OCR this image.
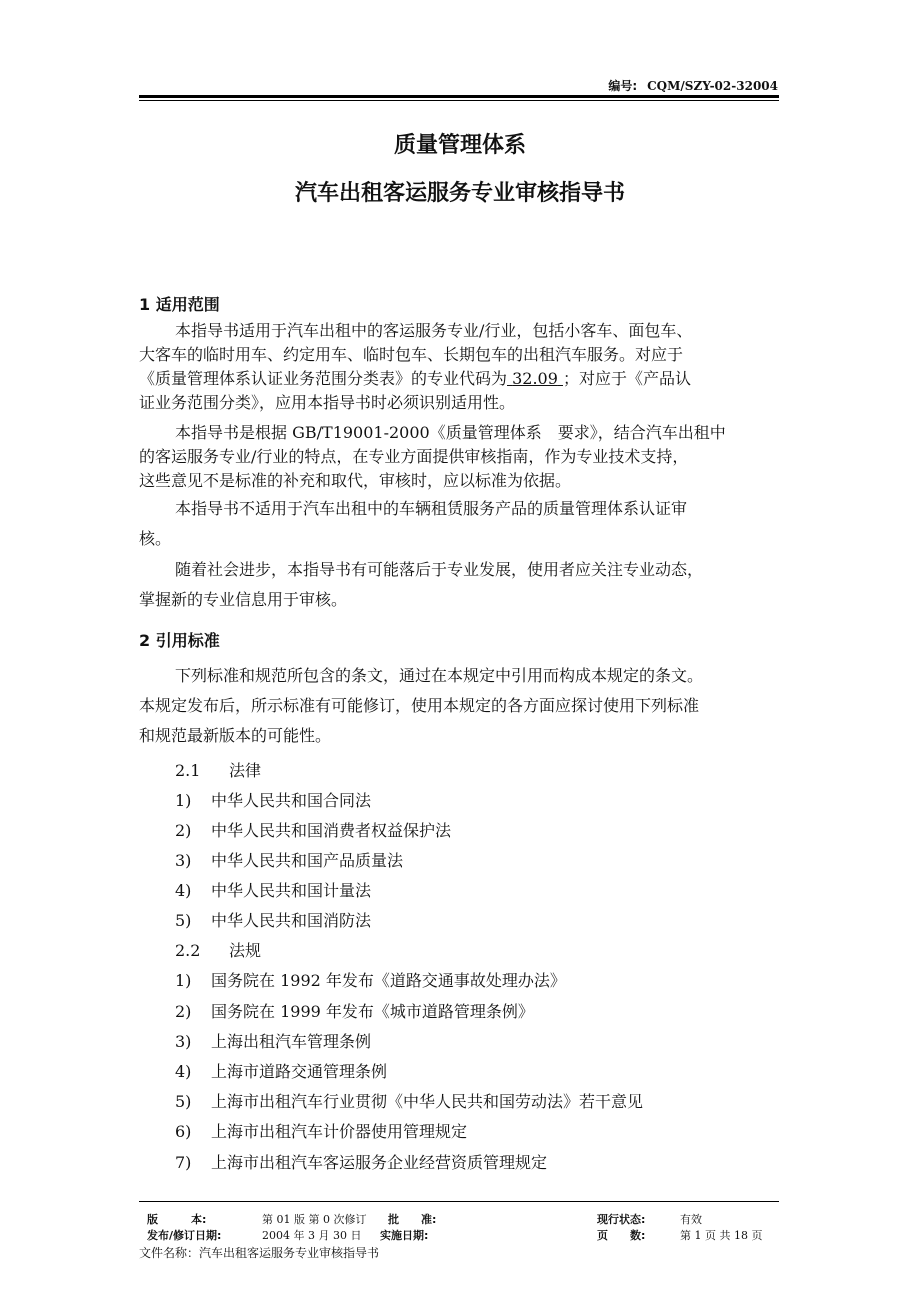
编号: CQM/SZY-02-32004
质量管理体系
汽车出租客运服务专业审核指导书
1 适用范围
本指导书适用于汽车出租中的客运服务专业/行业，包括小客车、面包车、
大客车的临时用车、约定用车、临时包车、长期包车的出租汽车服务。对应于
《质量管理体系认证业务范围分类表》的专业代码为 32.09 ；对应于《产品认
证业务范围分类》，应用本指导书时必须识别适用性。
本指导书是根据 GB/T19001-2000《质量管理体系　要求》，结合汽车出租中
的客运服务专业/行业的特点，在专业方面提供审核指南，作为专业技术支持，
这些意见不是标准的补充和取代，审核时，应以标准为依据。
本指导书不适用于汽车出租中的车辆租赁服务产品的质量管理体系认证审
核。
随着社会进步，本指导书有可能落后于专业发展，使用者应关注专业动态，
掌握新的专业信息用于审核。
2 引用标准
下列标准和规范所包含的条文，通过在本规定中引用而构成本规定的条文。
本规定发布后，所示标准有可能修订，使用本规定的各方面应探讨使用下列标准
和规范最新版本的可能性。
2.1 法律
1) 中华人民共和国合同法
2) 中华人民共和国消费者权益保护法
3) 中华人民共和国产品质量法
4) 中华人民共和国计量法
5) 中华人民共和国消防法
2.2 法规
1) 国务院在 1992 年发布《道路交通事故处理办法》
2) 国务院在 1999 年发布《城市道路管理条例》
3) 上海出租汽车管理条例
4) 上海市道路交通管理条例
5) 上海市出租汽车行业贯彻《中华人民共和国劳动法》若干意见
6) 上海市出租汽车计价器使用管理规定
7) 上海市出租汽车客运服务企业经营资质管理规定
版　　　本:	第 01 版 第 0 次修订 批　　准:	现行状态:	有效
发布/修订日期:	2004 年 3 月 30 日 实施日期:	页　　数:	第 1 页 共 18 页
文件名称：汽车出租客运服务专业审核指导书
